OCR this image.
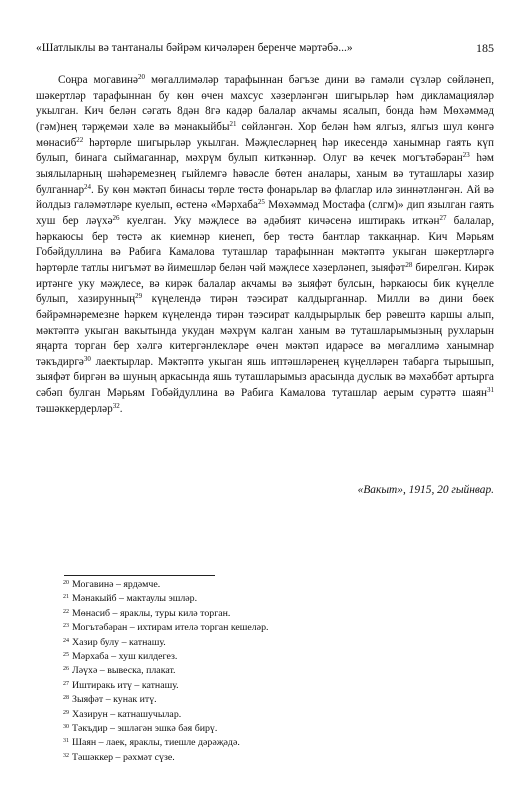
«Шатлыклы вә тантаналы бәйрәм кичәләрен беренче мәртәбә...»	185

Соңра могавинә$^{20}$ мөгаллимәләр тарафыннан бәгъзе дини вә гамәли сүзләр сөйләнеп, шәкертләр тарафыннан бу көн өчен махсус хәзерләнгән шигырьләр һәм дикламацияләр укылган. Кич белән сәгать 8дән 8гә кадәр балалар акчамы ясалып, бонда һәм Мөхәммәд (гәм)нең тәрҗемәи хәле вә мәнакыйбы$^{21}$ сөйләнгән. Хор белән һәм ялгыз, ялгыз шул көнгә мөнасиб$^{22}$ һәртөрле шигырьләр укылган. Мәҗлесләрнең һәр икесендә ханымнар гаять күп булып, бинага сыймаганнар, мәхрүм булып киткәннәр. Олуг вә кечек могътәбәран$^{23}$ һәм зыялыларның шәһәремезнең гыйлемгә һәвәсле бөтен аналары, ханым вә туташлары хазир булганнар$^{24}$. Бу көн мәктәп бинасы төрле төстә фонарьлар вә флаглар илә зиннәтләнгән. Ай вә йолдыз галәмәтләре куелып, өстенә «Мәрхаба$^{25}$ Мөхәммәд Мостафа (слгм)» дип язылган гаять хуш бер ләүхә$^{26}$ куелган. Уку мәҗлесе вә әдәбият кичәсенә иштиракь иткән$^{27}$ балалар, һәркаюсы бер төстә ак киемнәр киенеп, бер төстә бантлар таккаңнар. Кич Мәрьям Гобәйдуллина вә Рабига Камалова туташлар тарафыннан мәктәптә укыган шәкертләргә һәртөрле татлы нигъмәт вә йимешләр белән чәй мәҗлесе хәзерләнеп, зыяфәт$^{28}$ бирелгән. Кирәк иртәнге уку мәҗлесе, вә кирәк балалар акчамы вә зыяфәт булсын, һәркаюсы бик күңелле булып, хазирунның$^{29}$ күңелендә тирән тәэсират калдырганнар. Милли вә дини бөек бәйрәмнәремезне һәркем күңелендә тирән тәэсират калдырырлык бер рәвештә каршы алып, мәктәптә укыган вакытында укудан мәхрүм калган ханым вә туташларымызның рухларын яңарта торган бер хәлгә китергәнлекләре өчен мәктәп идарәсе вә мөгаллимә ханымнар тәкъдиргә$^{30}$ лаектырлар. Мәктәптә укыган яшь иптәшләренең күңелләрен табарга тырышып, зыяфәт биргән вә шуның аркасында яшь туташларымыз арасында дуслык вә мәхәббәт артырга сәбәп булган Мәрьям Гобәйдуллина вә Рабига Камалова туташлар аерым сурәттә шаян$^{31}$ тәшәккердерләр$^{32}$.

«Вакыт», 1915, 20 гыйнвар.
$^{20}$ Могавинә – ярдәмче.
$^{21}$ Мәнакыйб – мактаулы эшләр.
$^{22}$ Мөнасиб – яраклы, туры килә торган.
$^{23}$ Могътәбәран – ихтирам ителә торган кешеләр.
$^{24}$ Хазир булу – катнашу.
$^{25}$ Мәрхаба – хуш килдегез.
$^{26}$ Ләүхә – вывеска, плакат.
$^{27}$ Иштиракь итү – катнашу.
$^{28}$ Зыяфәт – кунак итү.
$^{29}$ Хазирун – катнашучылар.
$^{30}$ Тәкъдир – эшләгән эшкә бәя бирү.
$^{31}$ Шаян – лаек, яраклы, тиешле дәрәҗәдә.
$^{32}$ Тәшәккер – рәхмәт сүзе.
